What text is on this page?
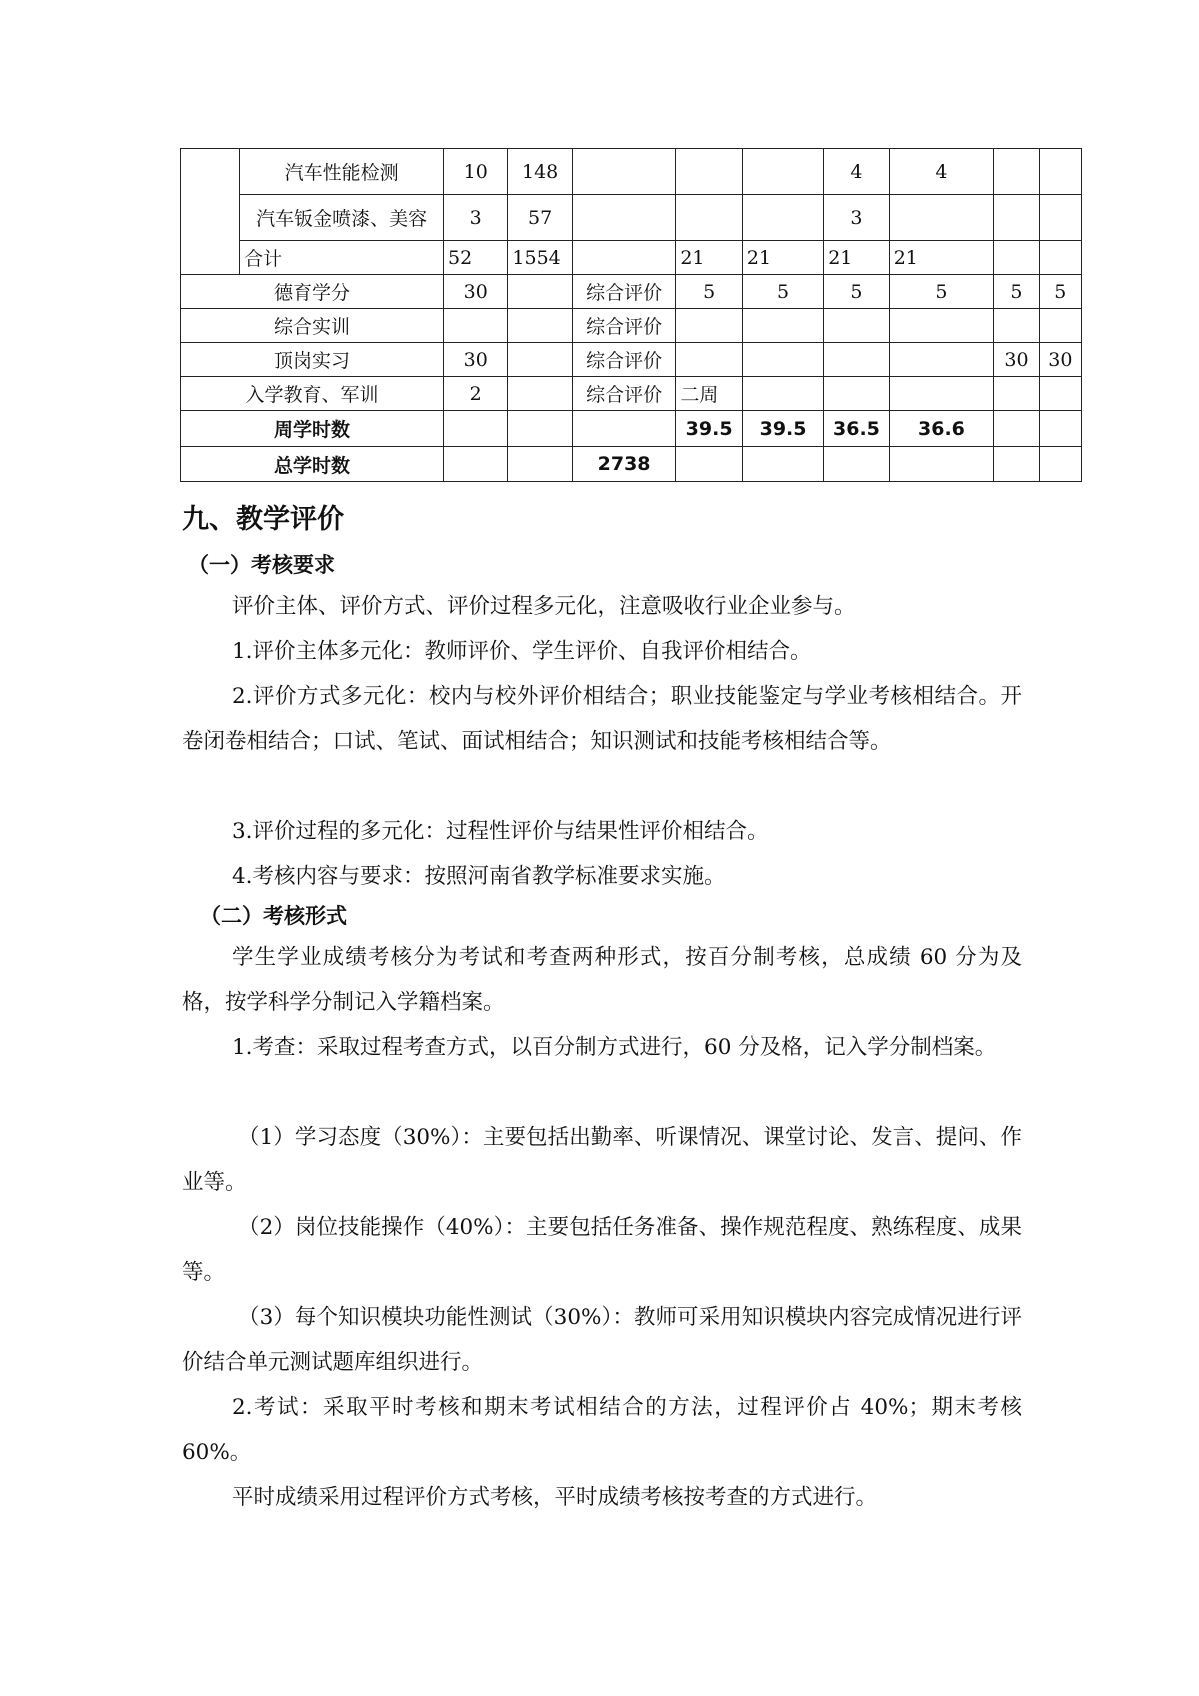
	汽车性能检测	10	148				4	4		
	汽车钣金喷漆、美容	3	57				3			
	合计	52	1554		21	21	21	21		
德育学分		30		综合评价	5	5	5	5	5	5
综合实训				综合评价						
顶岗实习		30		综合评价					30	30
入学教育、军训		2		综合评价	二周					
周学时数					39.5	39.5	36.5	36.6		
总学时数				2738						
九、教学评价
（一）考核要求

评价主体、评价方式、评价过程多元化，注意吸收行业企业参与。

1.评价主体多元化：教师评价、学生评价、自我评价相结合。

2.评价方式多元化：校内与校外评价相结合；职业技能鉴定与学业考核相结合。开卷闭卷相结合；口试、笔试、面试相结合；知识测试和技能考核相结合等。

3.评价过程的多元化：过程性评价与结果性评价相结合。

4.考核内容与要求：按照河南省教学标准要求实施。

（二）考核形式

学生学业成绩考核分为考试和考查两种形式，按百分制考核，总成绩 60 分为及格，按学科学分制记入学籍档案。

1.考查：采取过程考查方式，以百分制方式进行，60 分及格，记入学分制档案。

（1）学习态度（30%）：主要包括出勤率、听课情况、课堂讨论、发言、提问、作业等。

（2）岗位技能操作（40%）：主要包括任务准备、操作规范程度、熟练程度、成果等。

（3）每个知识模块功能性测试（30%）：教师可采用知识模块内容完成情况进行评价结合单元测试题库组织进行。

2.考试：采取平时考核和期末考试相结合的方法，过程评价占 40%；期末考核 60%。

平时成绩采用过程评价方式考核，平时成绩考核按考查的方式进行。
